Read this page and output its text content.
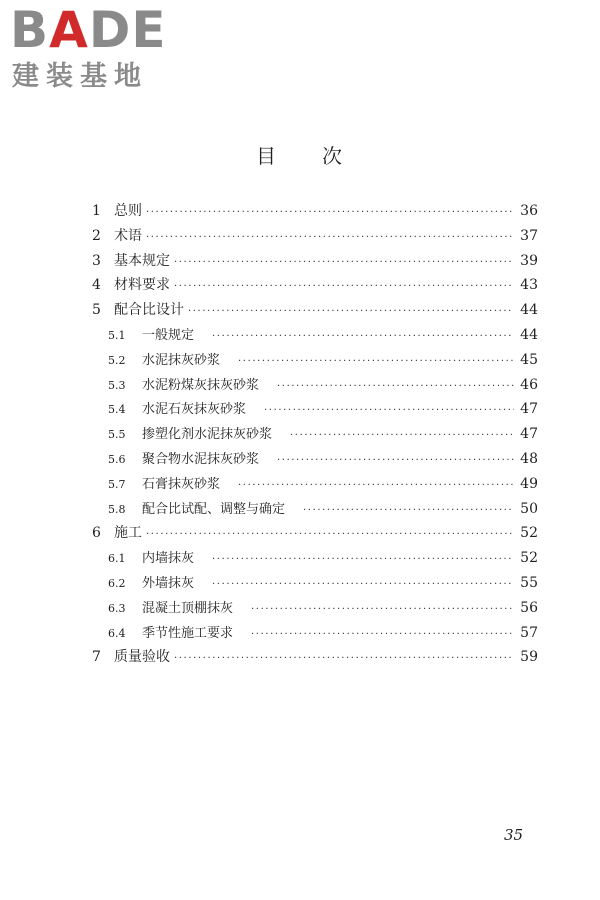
BADE
建装基地
目 次
1 总则 ·····	36
2 术语 ·····	37
3 基本规定 ·····	39
4 材料要求 ·····	43
5 配合比设计 ·····	44
5.1	一般规定 ·····	44
5.2	水泥抹灰砂浆 ·····	45
5.3	水泥粉煤灰抹灰砂浆 ·····	46
5.4	水泥石灰抹灰砂浆 ·····	47
5.5	掺塑化剂水泥抹灰砂浆 ·····	47
5.6	聚合物水泥抹灰砂浆 ·····	48
5.7	石膏抹灰砂浆 ·····	49
5.8	配合比试配、调整与确定 ·····	50
6 施工 ·····	52
6.1	内墙抹灰 ·····	52
6.2	外墙抹灰 ·····	55
6.3	混凝土顶棚抹灰 ·····	56
6.4	季节性施工要求 ·····	57
7 质量验收 ·····	59
35
